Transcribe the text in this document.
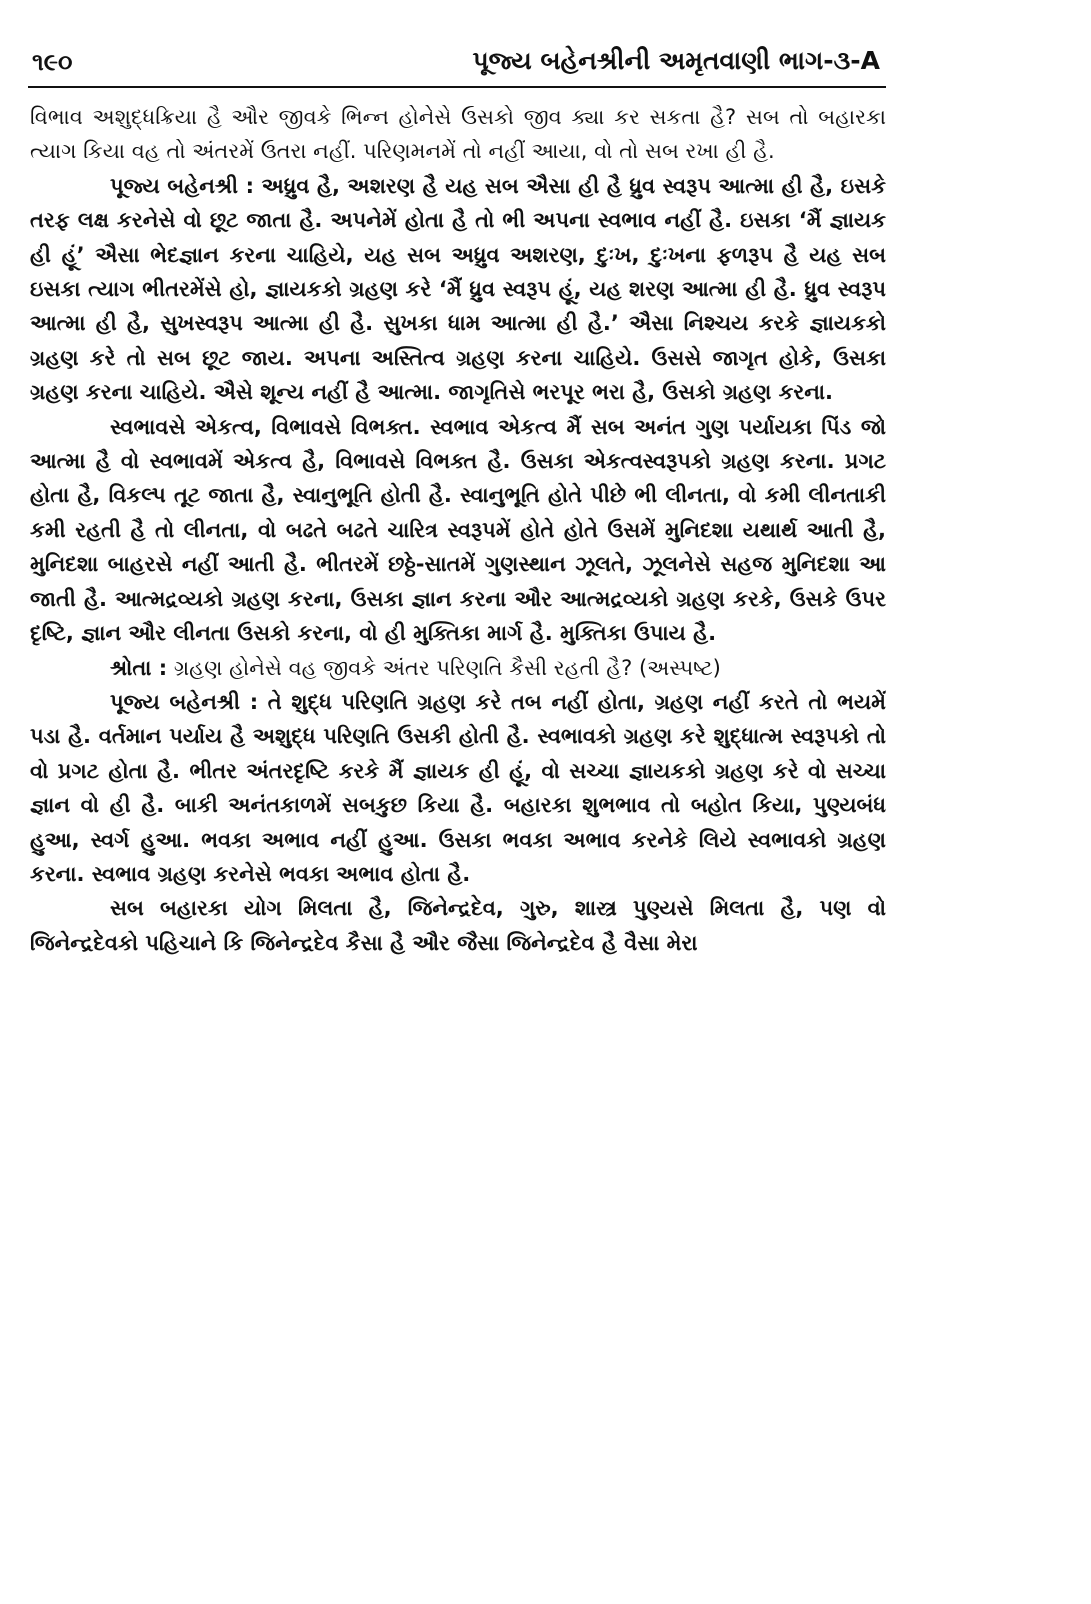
૧૯૦	પૂજ્ય બહેનશ્રીની અમૃતવાણી ભાગ-૩-A

વિભાવ અશુદ્ધક્રિયા હૈ ઔર જીવકે ભિન્ન હોનેસે ઉસકો જીવ ક્યા કર સકતા હૈ? સબ તો બહારકા ત્યાગ કિયા વહ તો અંતરમેં ઉતરા નહીં. પરિણમનમેં તો નહીં આયા, વો તો સબ રખા હી હૈ.

પૂજ્ય બહેનશ્રી : અધ્રુવ હૈ, અશરણ હૈ યહ સબ ઐસા હી હૈ ધ્રુવ સ્વરૂપ આત્મા હી હૈ, ઇસકે તરફ લક્ષ કરનેસે વો છૂટ જાતા હૈ. અપનેમેં હોતા હૈ તો ભી અપના સ્વભાવ નહીં હૈ. ઇસકા ‘મૈં જ્ઞાયક હી હૂં’ ઐસા ભેદજ્ઞાન કરના ચાહિયે, યહ સબ અધ્રુવ અશરણ, દુઃખ, દુઃખના ફળરૂપ હૈ યહ સબ ઇસકા ત્યાગ ભીતરમેંસે હો, જ્ઞાયકકો ગ્રહણ કરે ‘મૈં ધ્રુવ સ્વરૂપ હૂં, યહ શરણ આત્મા હી હૈ. ધ્રુવ સ્વરૂપ આત્મા હી હૈ, સુખસ્વરૂપ આત્મા હી હૈ. સુખકા ધામ આત્મા હી હૈ.’ ઐસા નિશ્ચય કરકે જ્ઞાયકકો ગ્રહણ કરે તો સબ છૂટ જાય. અપના અસ્તિત્વ ગ્રહણ કરના ચાહિયે. ઉસસે જાગૃત હોકે, ઉસકા ગ્રહણ કરના ચાહિયે. ઐસે શૂન્ય નહીં હૈ આત્મા. જાગૃતિસે ભરપૂર ભરા હૈ, ઉસકો ગ્રહણ કરના.

સ્વભાવસે એકત્વ, વિભાવસે વિભક્ત. સ્વભાવ એકત્વ મૈં સબ અનંત ગુણ પર્યાયકા પિંડ જો આત્મા હૈ વો સ્વભાવમેં એકત્વ હૈ, વિભાવસે વિભક્ત હૈ. ઉસકા એકત્વસ્વરૂપકો ગ્રહણ કરના. પ્રગટ હોતા હૈ, વિકલ્પ તૂટ જાતા હૈ, સ્વાનુભૂતિ હોતી હૈ. સ્વાનુભૂતિ હોતે પીછે ભી લીનતા, વો કમી લીનતાકી કમી રહતી હૈ તો લીનતા, વો બઢતે બઢતે ચારિત્ર સ્વરૂપમેં હોતે હોતે ઉસમેં મુનિદશા યથાર્થ આતી હૈ, મુનિદશા બાહરસે નહીં આતી હૈ. ભીતરમેં છઠ્ઠે-સાતમેં ગુણસ્થાન ઝૂલતે, ઝૂલનેસે સહજ મુનિદશા આ જાતી હૈ. આત્મદ્રવ્યકો ગ્રહણ કરના, ઉસકા જ્ઞાન કરના ઔર આત્મદ્રવ્યકો ગ્રહણ કરકે, ઉસકે ઉપર દૃષ્ટિ, જ્ઞાન ઔર લીનતા ઉસકો કરના, વો હી મુક્તિકા માર્ગ હૈ. મુક્તિકા ઉપાય હૈ.

શ્રોતા : ગ્રહણ હોનેસે વહ જીવકે અંતર પરિણતિ કૈસી રહતી હૈ? (અસ્પષ્ટ)

પૂજ્ય બહેનશ્રી : તે શુદ્ધ પરિણતિ ગ્રહણ કરે તબ નહીં હોતા, ગ્રહણ નહીં કરતે તો ભયમેં પડા હૈ. વર્તમાન પર્યાય હૈ અશુદ્ધ પરિણતિ ઉસકી હોતી હૈ. સ્વભાવકો ગ્રહણ કરે શુદ્ધાત્મ સ્વરૂપકો તો વો પ્રગટ હોતા હૈ. ભીતર અંતરદૃષ્ટિ કરકે મૈં જ્ઞાયક હી હૂં, વો સચ્ચા જ્ઞાયકકો ગ્રહણ કરે વો સચ્ચા જ્ઞાન વો હી હૈ. બાકી અનંતકાળમેં સબકુછ કિયા હૈ. બહારકા શુભભાવ તો બહોત કિયા, પુણ્યબંધ હુઆ, સ્વર્ગ હુઆ. ભવકા અભાવ નહીં હુઆ. ઉસકા ભવકા અભાવ કરનેકે લિયે સ્વભાવકો ગ્રહણ કરના. સ્વભાવ ગ્રહણ કરનેસે ભવકા અભાવ હોતા હૈ.

સબ બહારકા યોગ મિલતા હૈ, જિનેન્દ્રદેવ, ગુરુ, શાસ્ત્ર પુણ્યસે મિલતા હૈ, પણ વો જિનેન્દ્રદેવકો પહિચાને કિ જિનેન્દ્રદેવ કૈસા હૈ ઔર જૈસા જિનેન્દ્રદેવ હૈ વૈસા મેરા
